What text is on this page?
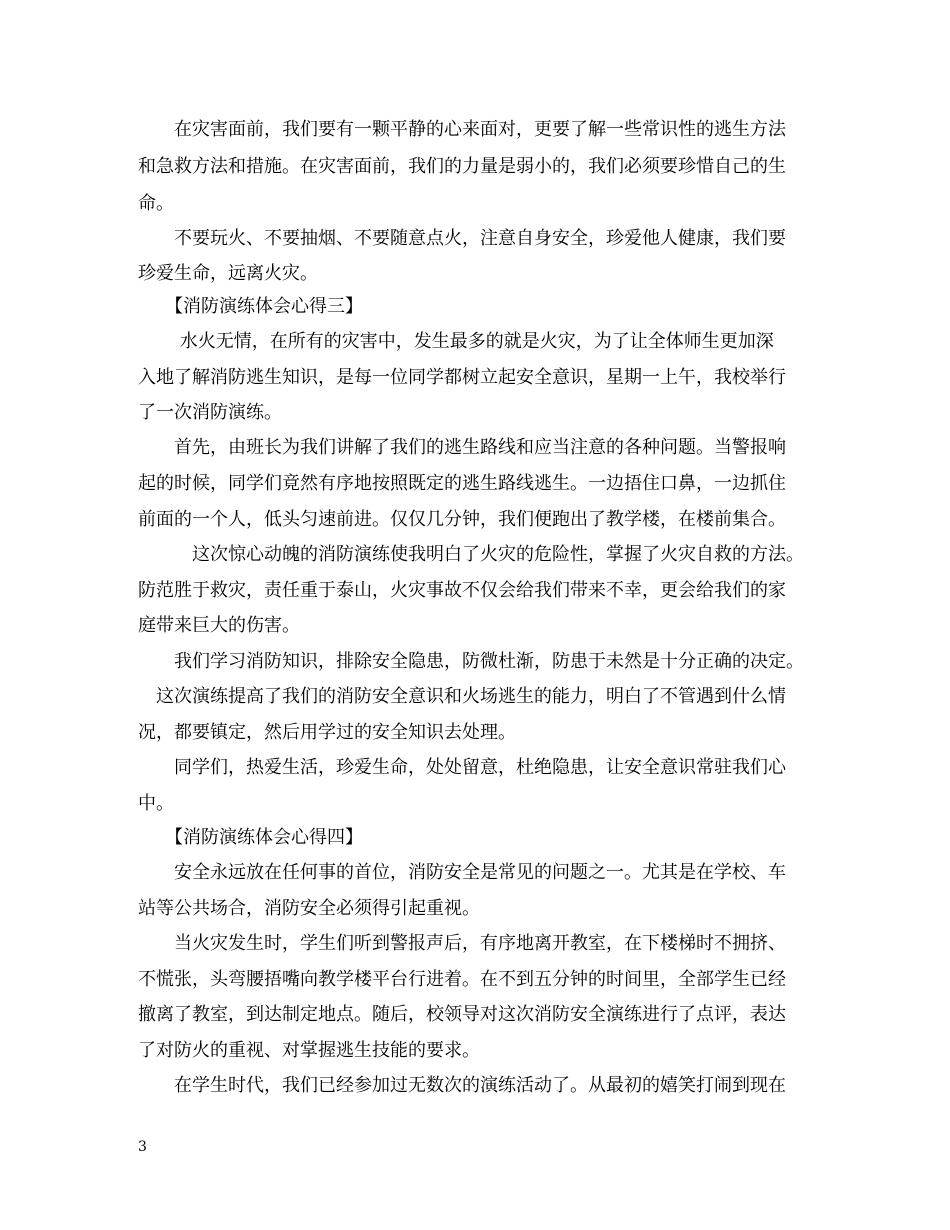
　　在灾害面前，我们要有一颗平静的心来面对，更要了解一些常识性的逃生方法
和急救方法和措施。在灾害面前，我们的力量是弱小的，我们必须要珍惜自己的生
命。
　　不要玩火、不要抽烟、不要随意点火，注意自身安全，珍爱他人健康，我们要
珍爱生命，远离火灾。
　　【消防演练体会心得三】
　　 水火无情，在所有的灾害中，发生最多的就是火灾，为了让全体师生更加深
入地了解消防逃生知识，是每一位同学都树立起安全意识，星期一上午，我校举行
了一次消防演练。
　　首先，由班长为我们讲解了我们的逃生路线和应当注意的各种问题。当警报响
起的时候，同学们竟然有序地按照既定的逃生路线逃生。一边捂住口鼻，一边抓住
前面的一个人，低头匀速前进。仅仅几分钟，我们便跑出了教学楼，在楼前集合。
　　　这次惊心动魄的消防演练使我明白了火灾的危险性，掌握了火灾自救的方法。
防范胜于救灾，责任重于泰山，火灾事故不仅会给我们带来不幸，更会给我们的家
庭带来巨大的伤害。
　　我们学习消防知识，排除安全隐患，防微杜渐，防患于未然是十分正确的决定。
　这次演练提高了我们的消防安全意识和火场逃生的能力，明白了不管遇到什么情
况，都要镇定，然后用学过的安全知识去处理。
　　同学们，热爱生活，珍爱生命，处处留意，杜绝隐患，让安全意识常驻我们心
中。
　　【消防演练体会心得四】
　　安全永远放在任何事的首位，消防安全是常见的问题之一。尤其是在学校、车
站等公共场合，消防安全必须得引起重视。
　　当火灾发生时，学生们听到警报声后，有序地离开教室，在下楼梯时不拥挤、
不慌张，头弯腰捂嘴向教学楼平台行进着。在不到五分钟的时间里，全部学生已经
撤离了教室，到达制定地点。随后，校领导对这次消防安全演练进行了点评，表达
了对防火的重视、对掌握逃生技能的要求。
　　在学生时代，我们已经参加过无数次的演练活动了。从最初的嬉笑打闹到现在
3
